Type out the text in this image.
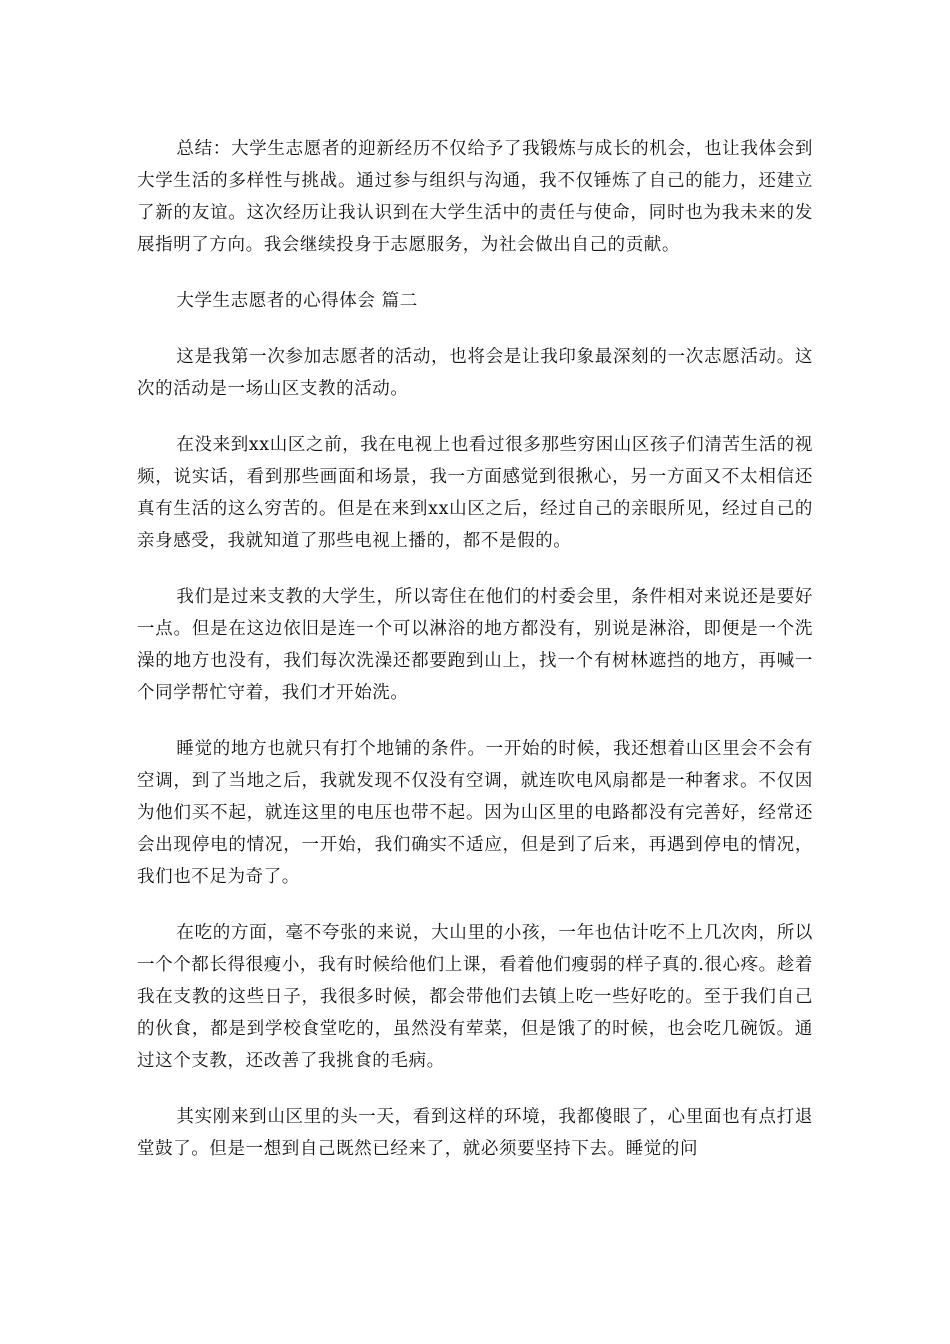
总结：大学生志愿者的迎新经历不仅给予了我锻炼与成长的机会，也让我体会到大学生活的多样性与挑战。通过参与组织与沟通，我不仅锤炼了自己的能力，还建立了新的友谊。这次经历让我认识到在大学生活中的责任与使命，同时也为我未来的发展指明了方向。我会继续投身于志愿服务，为社会做出自己的贡献。

大学生志愿者的心得体会 篇二

这是我第一次参加志愿者的活动，也将会是让我印象最深刻的一次志愿活动。这次的活动是一场山区支教的活动。

在没来到xx山区之前，我在电视上也看过很多那些穷困山区孩子们清苦生活的视频，说实话，看到那些画面和场景，我一方面感觉到很揪心，另一方面又不太相信还真有生活的这么穷苦的。但是在来到xx山区之后，经过自己的亲眼所见，经过自己的亲身感受，我就知道了那些电视上播的，都不是假的。

我们是过来支教的大学生，所以寄住在他们的村委会里，条件相对来说还是要好一点。但是在这边依旧是连一个可以淋浴的地方都没有，别说是淋浴，即便是一个洗澡的地方也没有，我们每次洗澡还都要跑到山上，找一个有树林遮挡的地方，再喊一个同学帮忙守着，我们才开始洗。

睡觉的地方也就只有打个地铺的条件。一开始的时候，我还想着山区里会不会有空调，到了当地之后，我就发现不仅没有空调，就连吹电风扇都是一种奢求。不仅因为他们买不起，就连这里的电压也带不起。因为山区里的电路都没有完善好，经常还会出现停电的情况，一开始，我们确实不适应，但是到了后来，再遇到停电的情况，我们也不足为奇了。

在吃的方面，毫不夸张的来说，大山里的小孩，一年也估计吃不上几次肉，所以一个个都长得很瘦小，我有时候给他们上课，看着他们瘦弱的样子真的.很心疼。趁着我在支教的这些日子，我很多时候，都会带他们去镇上吃一些好吃的。至于我们自己的伙食，都是到学校食堂吃的，虽然没有荤菜，但是饿了的时候，也会吃几碗饭。通过这个支教，还改善了我挑食的毛病。

其实刚来到山区里的头一天，看到这样的环境，我都傻眼了，心里面也有点打退堂鼓了。但是一想到自己既然已经来了，就必须要坚持下去。睡觉的问
